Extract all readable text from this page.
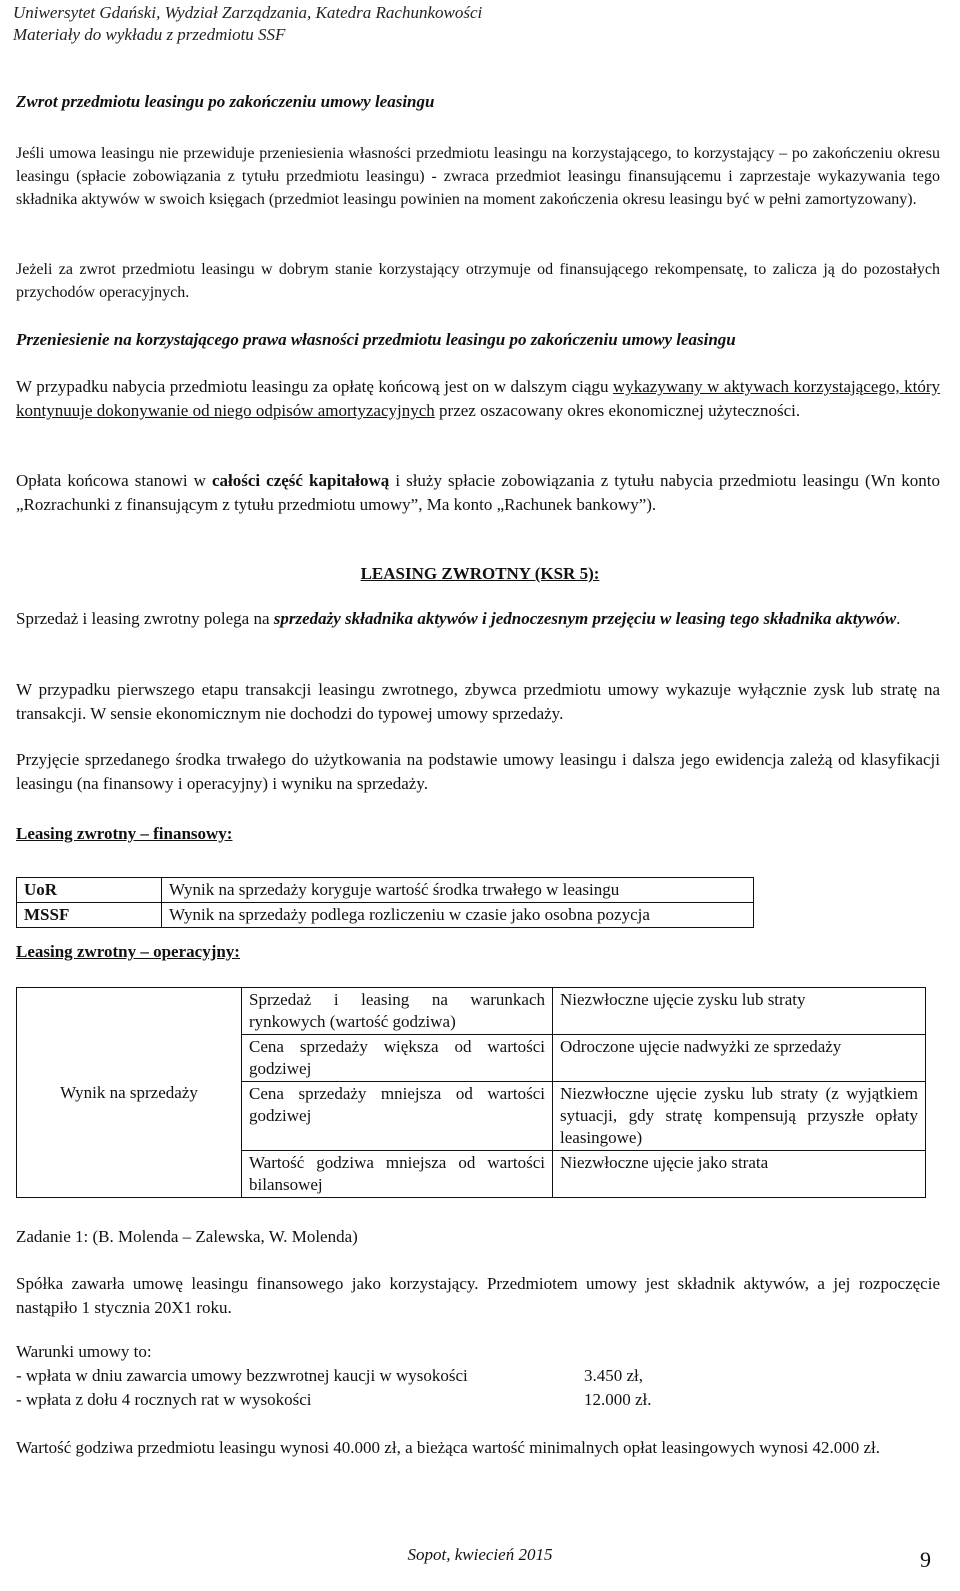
Uniwersytet Gdański, Wydział Zarządzania, Katedra Rachunkowości
Materiały do wykładu z przedmiotu SSF

Zwrot przedmiotu leasingu po zakończeniu umowy leasingu

Jeśli umowa leasingu nie przewiduje przeniesienia własności przedmiotu leasingu na korzystającego, to korzystający – po zakończeniu okresu leasingu (spłacie zobowiązania z tytułu przedmiotu leasingu) - zwraca przedmiot leasingu finansującemu i zaprzestaje wykazywania tego składnika aktywów w swoich księgach (przedmiot leasingu powinien na moment zakończenia okresu leasingu być w pełni zamortyzowany).

Jeżeli za zwrot przedmiotu leasingu w dobrym stanie korzystający otrzymuje od finansującego rekompensatę, to zalicza ją do pozostałych przychodów operacyjnych.

Przeniesienie na korzystającego prawa własności przedmiotu leasingu po zakończeniu umowy leasingu

W przypadku nabycia przedmiotu leasingu za opłatę końcową jest on w dalszym ciągu wykazywany w aktywach korzystającego, który kontynuuje dokonywanie od niego odpisów amortyzacyjnych przez oszacowany okres ekonomicznej użyteczności.

Opłata końcowa stanowi w całości część kapitałową i służy spłacie zobowiązania z tytułu nabycia przedmiotu leasingu (Wn konto „Rozrachunki z finansującym z tytułu przedmiotu umowy”, Ma konto „Rachunek bankowy”).

LEASING ZWROTNY (KSR 5):

Sprzedaż i leasing zwrotny polega na sprzedaży składnika aktywów i jednoczesnym przejęciu w leasing tego składnika aktywów.

W przypadku pierwszego etapu transakcji leasingu zwrotnego, zbywca przedmiotu umowy wykazuje wyłącznie zysk lub stratę na transakcji. W sensie ekonomicznym nie dochodzi do typowej umowy sprzedaży.

Przyjęcie sprzedanego środka trwałego do użytkowania na podstawie umowy leasingu i dalsza jego ewidencja zależą od klasyfikacji leasingu (na finansowy i operacyjny) i wyniku na sprzedaży.

Leasing zwrotny – finansowy:

UoR	Wynik na sprzedaży koryguje wartość środka trwałego w leasingu
MSSF	Wynik na sprzedaży podlega rozliczeniu w czasie jako osobna pozycja

Leasing zwrotny – operacyjny:

Wynik na sprzedaży	Sprzedaż i leasing na warunkach rynkowych (wartość godziwa)	Niezwłoczne ujęcie zysku lub straty
	Cena sprzedaży większa od wartości godziwej	Odroczone ujęcie nadwyżki ze sprzedaży
	Cena sprzedaży mniejsza od wartości godziwej	Niezwłoczne ujęcie zysku lub straty (z wyjątkiem sytuacji, gdy stratę kompensują przyszłe opłaty leasingowe)
	Wartość godziwa mniejsza od wartości bilansowej	Niezwłoczne ujęcie jako strata

Zadanie 1: (B. Molenda – Zalewska, W. Molenda)

Spółka zawarła umowę leasingu finansowego jako korzystający. Przedmiotem umowy jest składnik aktywów, a jej rozpoczęcie nastąpiło 1 stycznia 20X1 roku.

Warunki umowy to:
- wpłata w dniu zawarcia umowy bezzwrotnej kaucji w wysokości	3.450 zł,
- wpłata z dołu 4 rocznych rat w wysokości	12.000 zł.

Wartość godziwa przedmiotu leasingu wynosi 40.000 zł, a bieżąca wartość minimalnych opłat leasingowych wynosi 42.000 zł.

Sopot, kwiecień 2015	9
